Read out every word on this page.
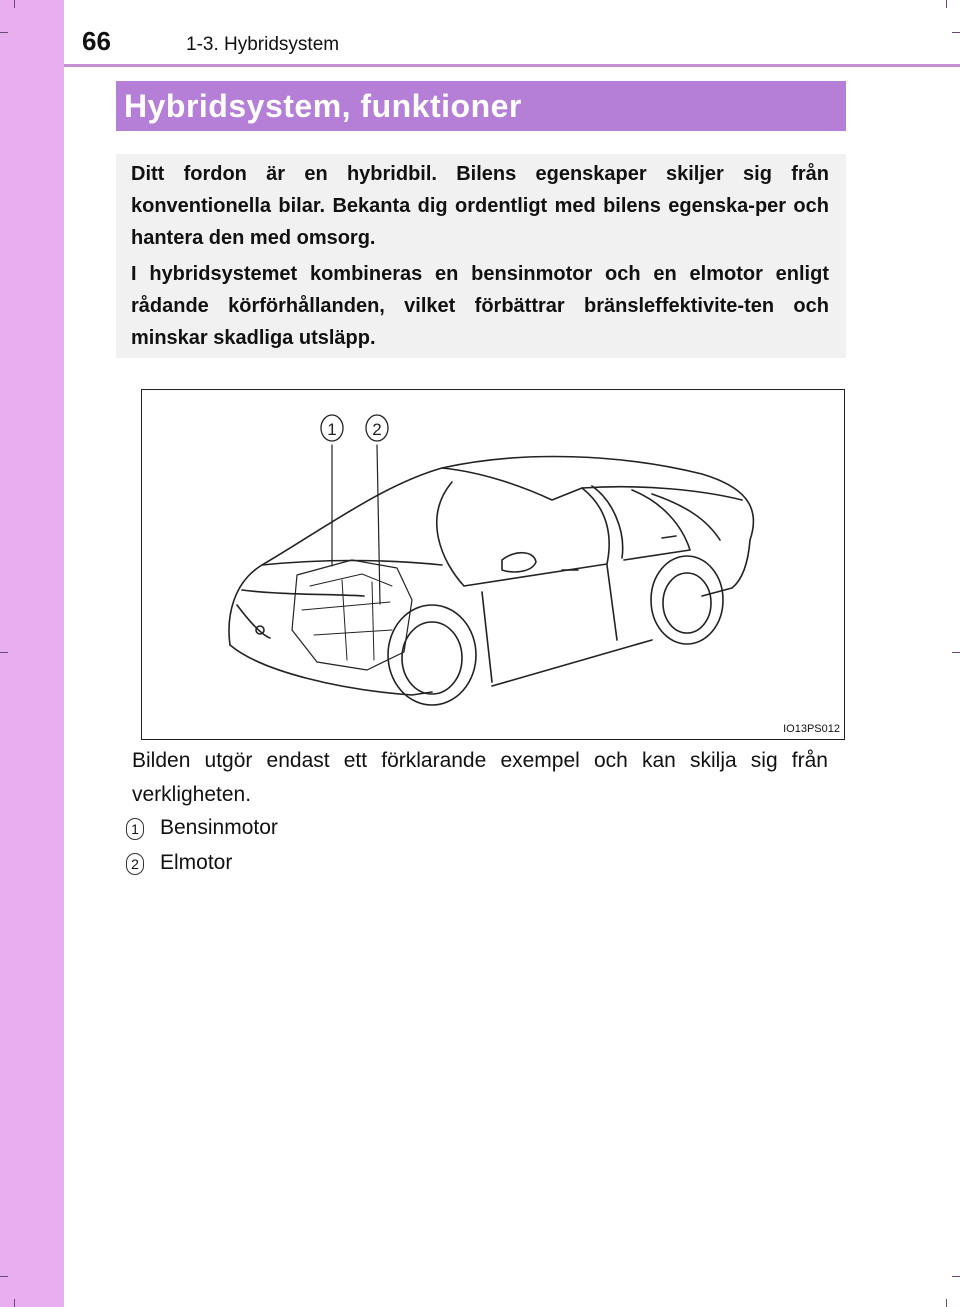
66	1-3. Hybridsystem
Hybridsystem, funktioner

Ditt fordon är en hybridbil. Bilens egenskaper skiljer sig från konventionella bilar. Bekanta dig ordentligt med bilens egenska-per och hantera den med omsorg.

I hybridsystemet kombineras en bensinmotor och en elmotor enligt rådande körförhållanden, vilket förbättrar bränsleffektivite-ten och minskar skadliga utsläpp.

1 2
IO13PS012

Bilden utgör endast ett förklarande exempel och kan skilja sig från verkligheten.

1 Bensinmotor
2 Elmotor
